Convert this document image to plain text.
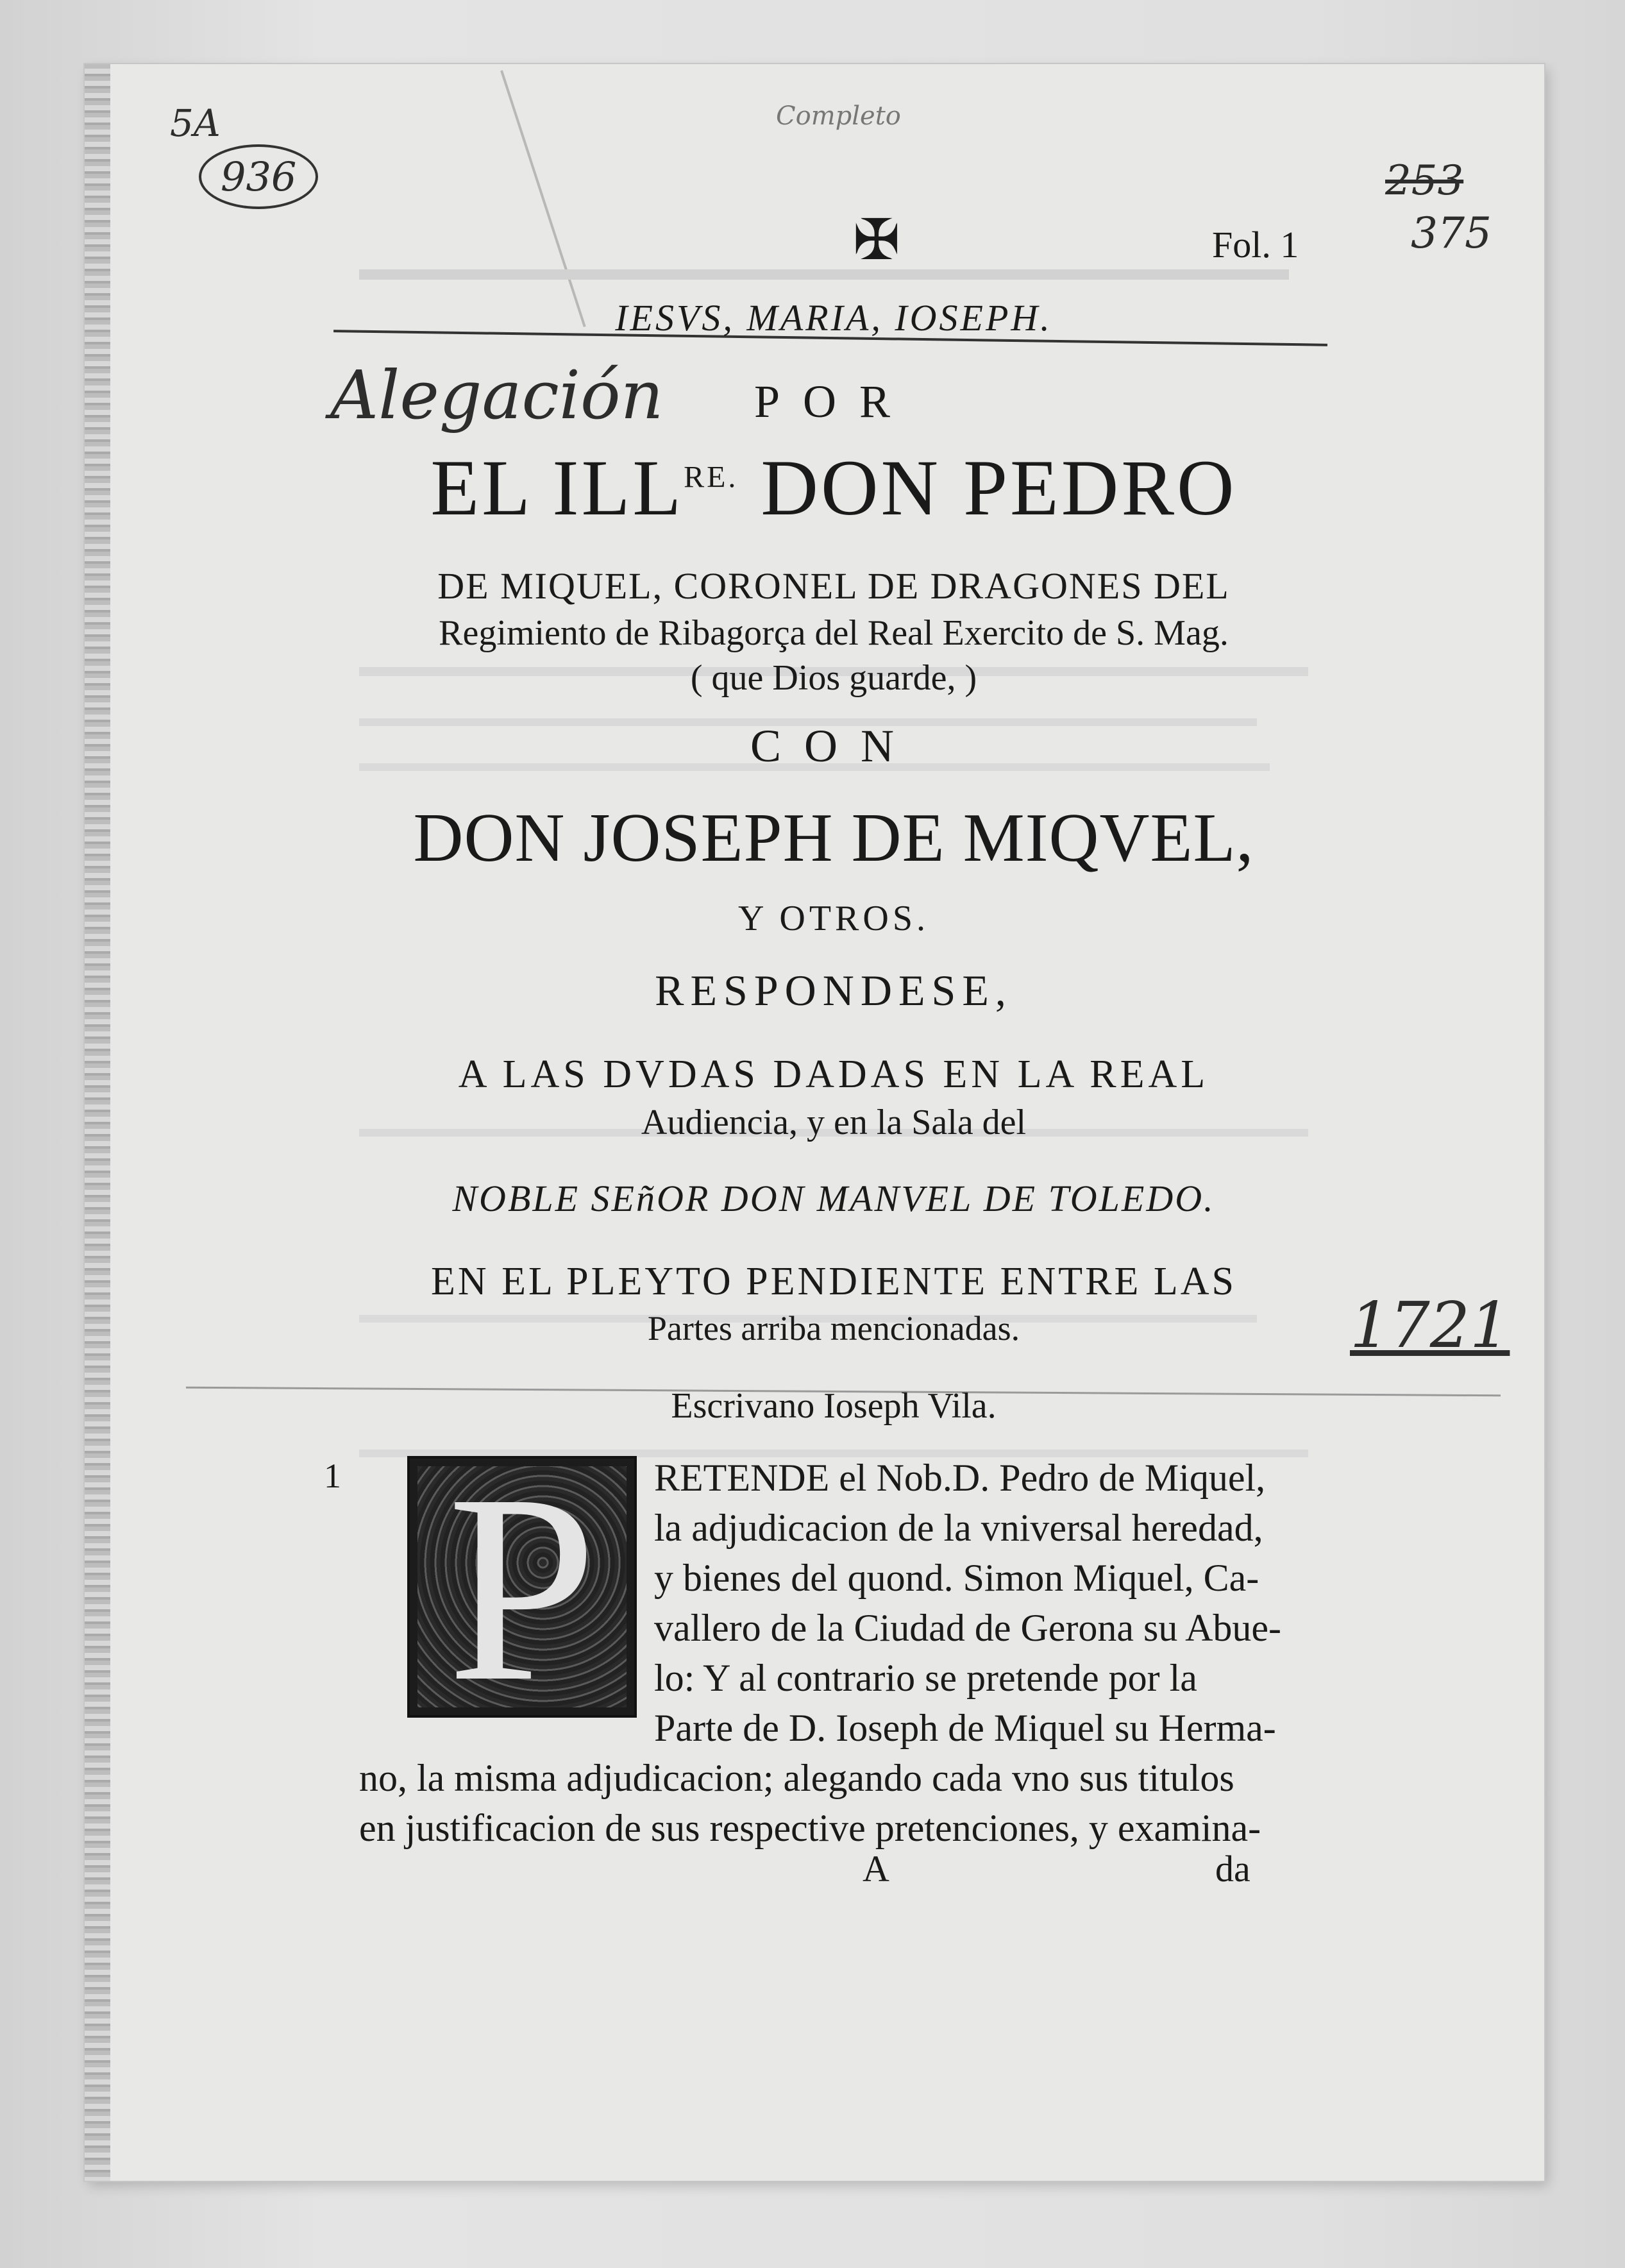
5A
936
Completo
253
375
Alegación
1721
✠	Fol. 1
IESVS, MARIA, IOSEPH.
POR
EL $ILL^{RE.}$ DON PEDRO
DE MIQUEL, CORONEL DE DRAGONES DEL
Regimiento de Ribagorça del Real Exercito de S. Mag.
( que Dios guarde, )
CON
DON JOSEPH DE MIQVEL,
Y OTROS.
RESPONDESE,
A LAS DVDAS DADAS EN LA REAL
Audiencia, y en la Sala del
NOBLE SEñOR DON MANVEL DE TOLEDO.
EN EL PLEYTO PENDIENTE ENTRE LAS
Partes arriba mencionadas.
Escrivano Ioseph Vila.
1 P	RETENDE el Nob.D. Pedro de Miquel,
la adjudicacion de la vniversal heredad,
y bienes del quond. Simon Miquel, Ca-
vallero de la Ciudad de Gerona su Abue-
lo: Y al contrario se pretende por la
Parte de D. Ioseph de Miquel su Herma-
no, la misma adjudicacion; alegando cada vno sus titulos
en justificacion de sus respective pretenciones, y examina-
A	da
